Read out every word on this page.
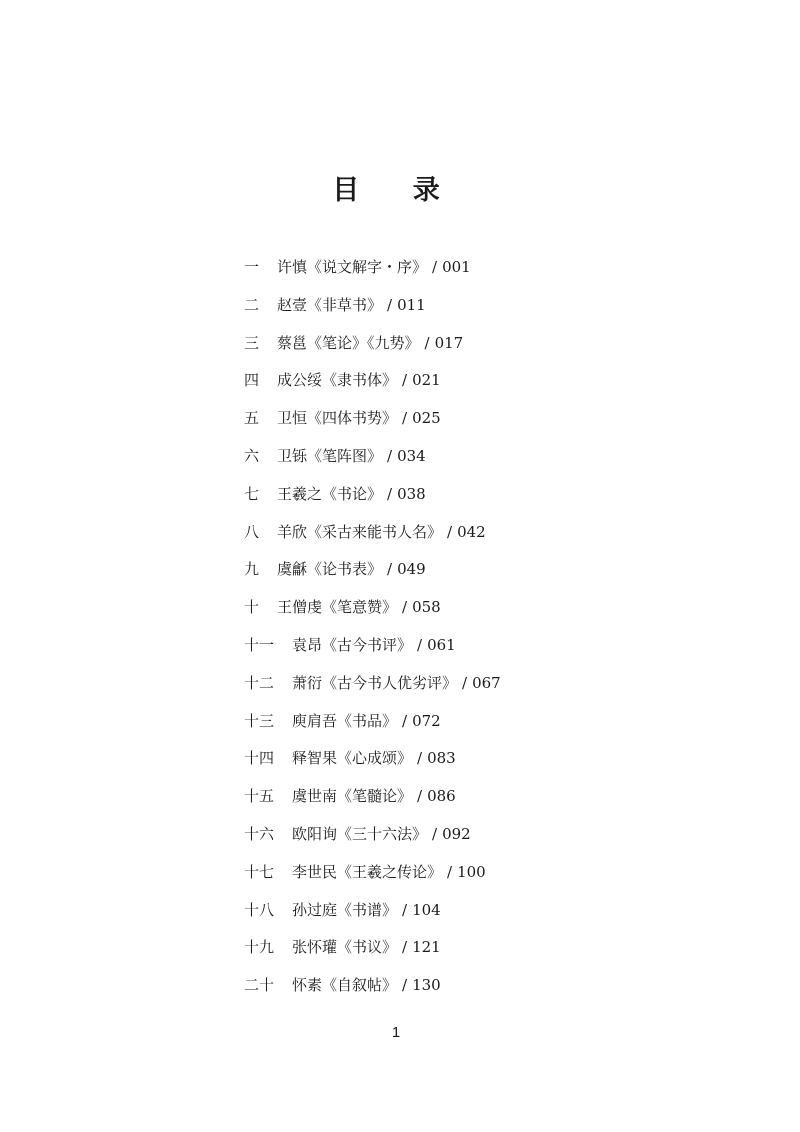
目 录
一 许慎《说文解字・序》 / 001
二 赵壹《非草书》 / 011
三 蔡邕《笔论》《九势》 / 017
四 成公绥《隶书体》 / 021
五 卫恒《四体书势》 / 025
六 卫铄《笔阵图》 / 034
七 王羲之《书论》 / 038
八 羊欣《采古来能书人名》 / 042
九 虞龢《论书表》 / 049
十 王僧虔《笔意赞》 / 058
十一 袁昂《古今书评》 / 061
十二 萧衍《古今书人优劣评》 / 067
十三 庾肩吾《书品》 / 072
十四 释智果《心成颂》 / 083
十五 虞世南《笔髓论》 / 086
十六 欧阳询《三十六法》 / 092
十七 李世民《王羲之传论》 / 100
十八 孙过庭《书谱》 / 104
十九 张怀瓘《书议》 / 121
二十 怀素《自叙帖》 / 130
1
